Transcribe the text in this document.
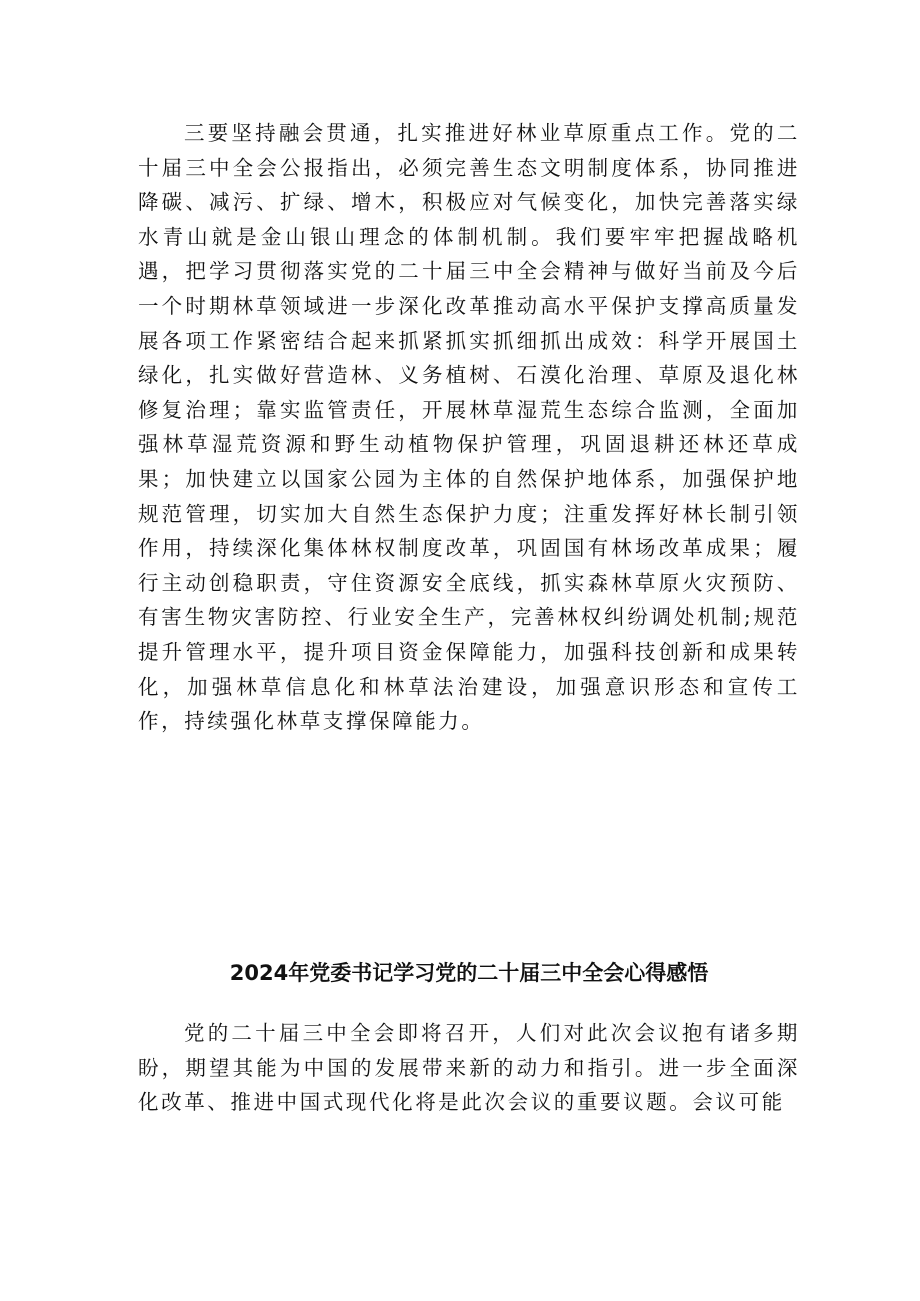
三要坚持融会贯通，扎实推进好林业草原重点工作。党的二十届三中全会公报指出，必须完善生态文明制度体系，协同推进降碳、减污、扩绿、增木，积极应对气候变化，加快完善落实绿水青山就是金山银山理念的体制机制。我们要牢牢把握战略机遇，把学习贯彻落实党的二十届三中全会精神与做好当前及今后一个时期林草领域进一步深化改革推动高水平保护支撑高质量发展各项工作紧密结合起来抓紧抓实抓细抓出成效：科学开展国土绿化，扎实做好营造林、义务植树、石漠化治理、草原及退化林修复治理；靠实监管责任，开展林草湿荒生态综合监测，全面加强林草湿荒资源和野生动植物保护管理，巩固退耕还林还草成果；加快建立以国家公园为主体的自然保护地体系，加强保护地规范管理，切实加大自然生态保护力度；注重发挥好林长制引领作用，持续深化集体林权制度改革，巩固国有林场改革成果；履行主动创稳职责，守住资源安全底线，抓实森林草原火灾预防、有害生物灾害防控、行业安全生产，完善林权纠纷调处机制;规范提升管理水平，提升项目资金保障能力，加强科技创新和成果转化，加强林草信息化和林草法治建设，加强意识形态和宣传工作，持续强化林草支撑保障能力。

2024年党委书记学习党的二十届三中全会心得感悟

党的二十届三中全会即将召开，人们对此次会议抱有诸多期盼，期望其能为中国的发展带来新的动力和指引。进一步全面深化改革、推进中国式现代化将是此次会议的重要议题。会议可能
